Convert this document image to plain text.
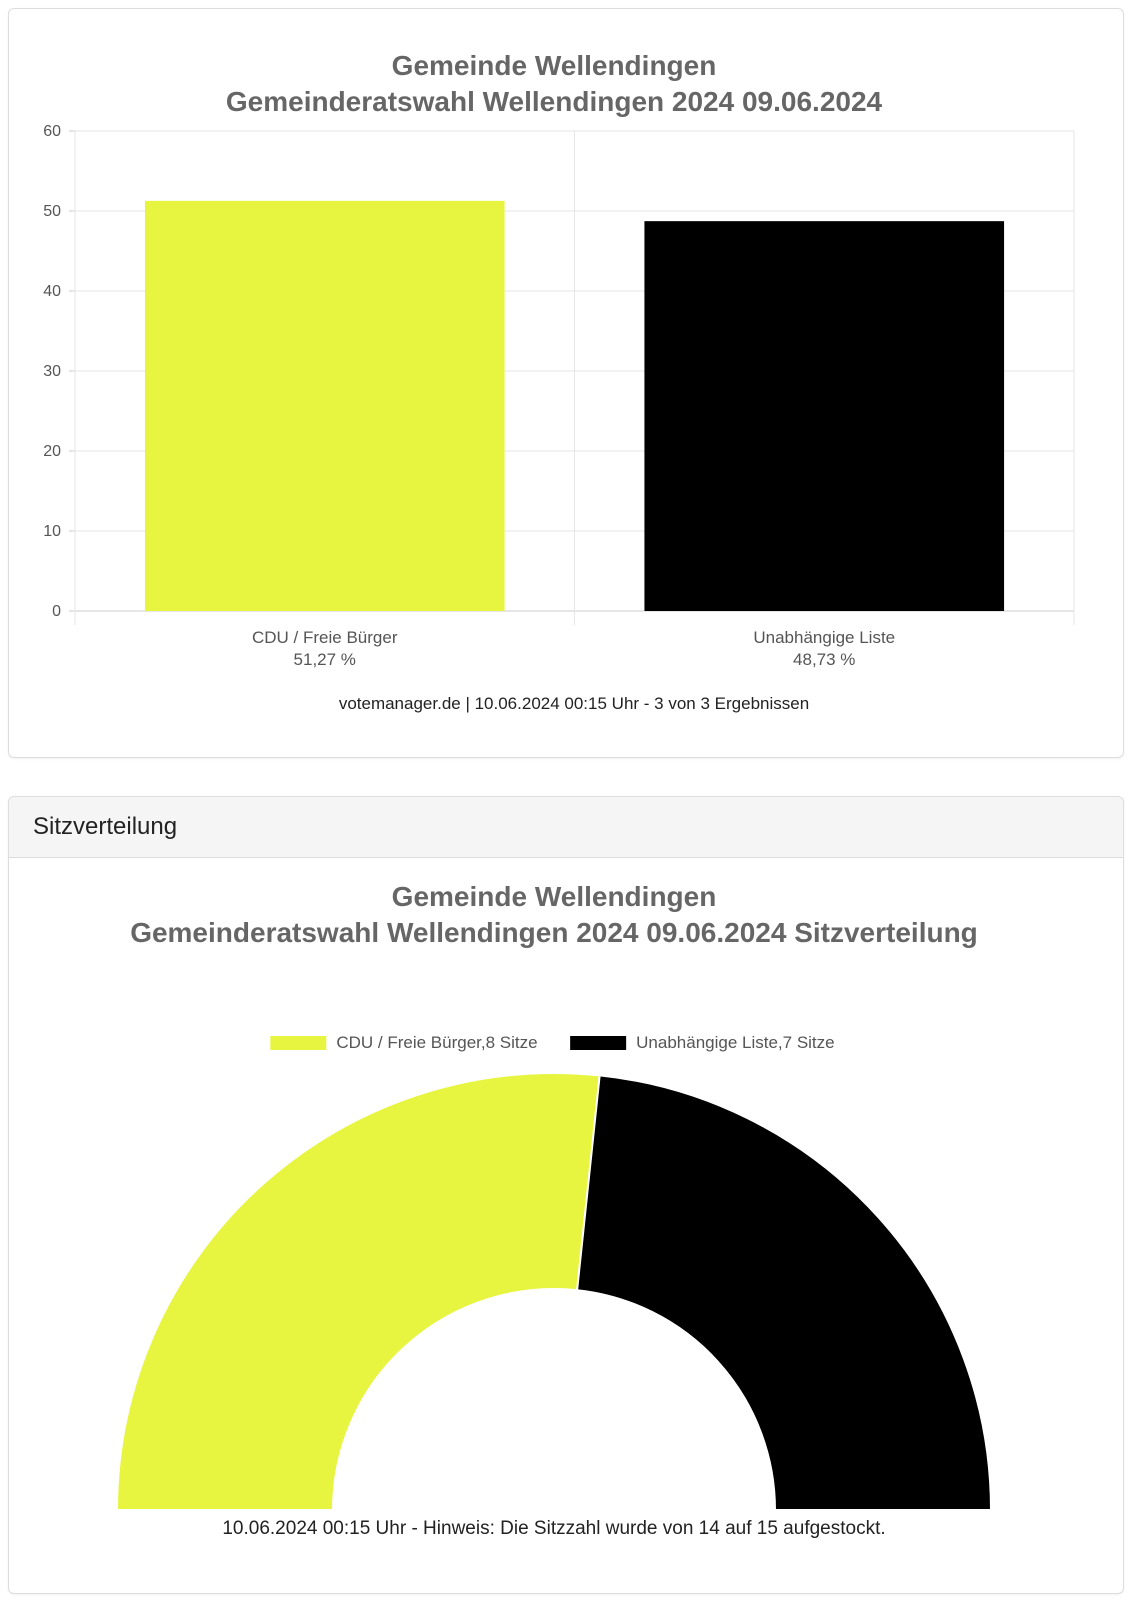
Gemeinde Wellendingen
Gemeinderatswahl Wellendingen 2024 09.06.2024
0
10
20
30
40
50
60
CDU / Freie Bürger
51,27 %
Unabhängige Liste
48,73 %
votemanager.de | 10.06.2024 00:15 Uhr - 3 von 3 Ergebnissen
Sitzverteilung
Gemeinde Wellendingen
Gemeinderatswahl Wellendingen 2024 09.06.2024 Sitzverteilung
CDU / Freie Bürger,8 Sitze	Unabhängige Liste,7 Sitze
10.06.2024 00:15 Uhr - Hinweis: Die Sitzzahl wurde von 14 auf 15 aufgestockt.
